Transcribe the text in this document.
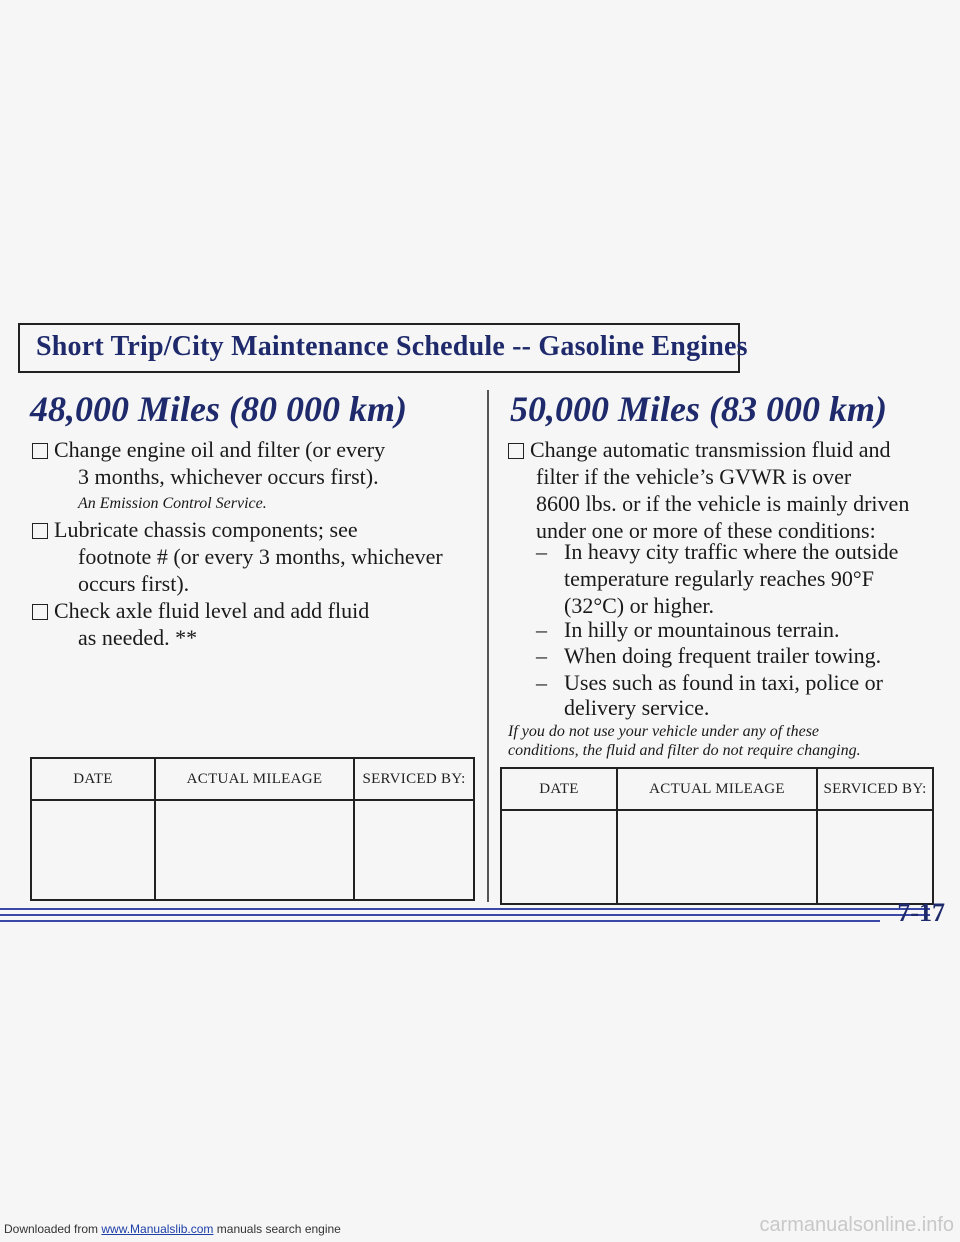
Short Trip/City Maintenance Schedule -- Gasoline Engines
48,000 Miles (80 000 km)
Change engine oil and filter (or every
3 months, whichever occurs first).
An Emission Control Service.
Lubricate chassis components; see
footnote # (or every 3 months, whichever
occurs first).
Check axle fluid level and add fluid
as needed. **
DATE	ACTUAL MILEAGE	SERVICED BY:

50,000 Miles (83 000 km)
Change automatic transmission fluid and
filter if the vehicle’s GVWR is over
8600 lbs. or if the vehicle is mainly driven
under one or more of these conditions:
– In heavy city traffic where the outside
temperature regularly reaches 90°F
(32°C) or higher.
– In hilly or mountainous terrain.
– When doing frequent trailer towing.
– Uses such as found in taxi, police or
delivery service.
If you do not use your vehicle under any of these
conditions, the fluid and filter do not require changing.
DATE	ACTUAL MILEAGE	SERVICED BY:

7-17
Downloaded from www.Manualslib.com manuals search engine	carmanualsonline.info
